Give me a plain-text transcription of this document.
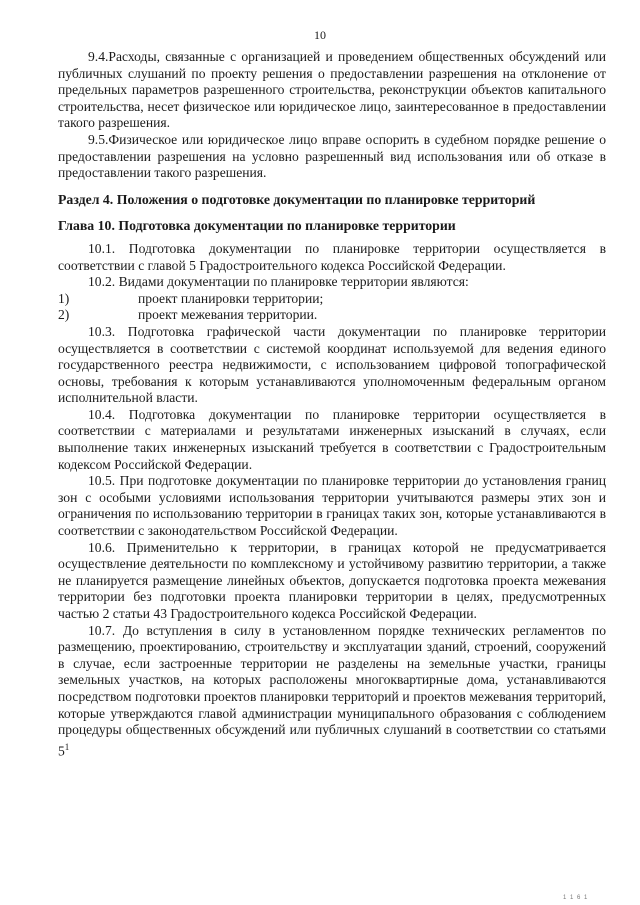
10

9.4.Расходы, связанные с организацией и проведением общественных обсуждений или публичных слушаний по проекту решения о предоставлении разрешения на отклонение от предельных параметров разрешенного строительства, реконструкции объектов капитального строительства, несет физическое или юридическое лицо, заинтересованное в предоставлении такого разрешения.

9.5.Физическое или юридическое лицо вправе оспорить в судебном порядке решение о предоставлении разрешения на условно разрешенный вид использования или об отказе в предоставлении такого разрешения.

Раздел 4. Положения о подготовке документации по планировке территорий

Глава 10. Подготовка документации по планировке территории

10.1. Подготовка документации по планировке территории осуществляется в соответствии с главой 5 Градостроительного кодекса Российской Федерации.

10.2. Видами документации по планировке территории являются:

1)	проект планировки территории;
2)	проект межевания территории.

10.3. Подготовка графической части документации по планировке территории осуществляется в соответствии с системой координат используемой для ведения единого государственного реестра недвижимости, с использованием цифровой топографической основы, требования к которым устанавливаются уполномоченным федеральным органом исполнительной власти.

10.4. Подготовка документации по планировке территории осуществляется в соответствии с материалами и результатами инженерных изысканий в случаях, если выполнение таких инженерных изысканий требуется в соответствии с Градостроительным кодексом Российской Федерации.

10.5. При подготовке документации по планировке территории до установления границ зон с особыми условиями использования территории учитываются размеры этих зон и ограничения по использованию территории в границах таких зон, которые устанавливаются в соответствии с законодательством Российской Федерации.

10.6. Применительно к территории, в границах которой не предусматривается осуществление деятельности по комплексному и устойчивому развитию территории, а также не планируется размещение линейных объектов, допускается подготовка проекта межевания территории без подготовки проекта планировки территории в целях, предусмотренных частью 2 статьи 43 Градостроительного кодекса Российской Федерации.

10.7. До вступления в силу в установленном порядке технических регламентов по размещению, проектированию, строительству и эксплуатации зданий, строений, сооружений в случае, если застроенные территории не разделены на земельные участки, границы земельных участков, на которых расположены многоквартирные дома, устанавливаются посредством подготовки проектов планировки территорий и проектов межевания территорий, которые утверждаются главой администрации муниципального образования с соблюдением процедуры общественных обсуждений или публичных слушаний в соответствии со статьями $5^1$

1 1 6 1
